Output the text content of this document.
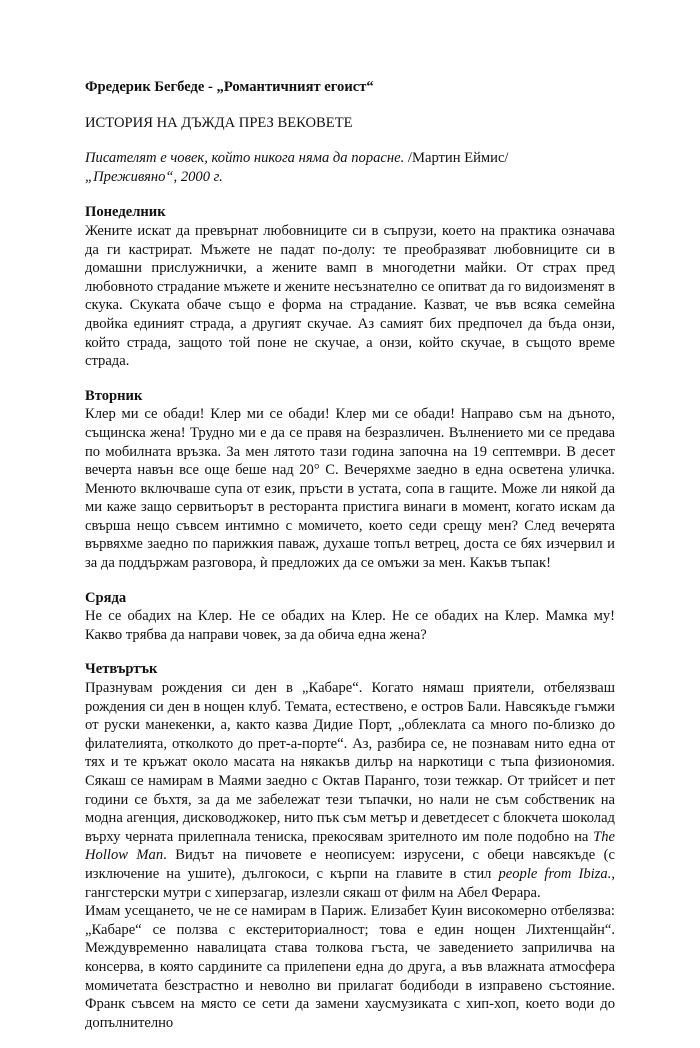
Фредерик Бегбеде - „Романтичният егоист“

ИСТОРИЯ НА ДЪЖДА ПРЕЗ ВЕКОВЕТЕ

Писателят е човек, който никога няма да порасне. /Мартин Еймис/
„Преживяно“, 2000 г.

Понеделник

Жените искат да превърнат любовниците си в съпрузи, което на практика означава да ги кастрират. Мъжете не падат по-долу: те преобразяват любовниците си в домашни прислужнички, а жените вамп в многодетни майки. От страх пред любовното страдание мъжете и жените несъзнателно се опитват да го видоизменят в скука. Скуката обаче също е форма на страдание. Казват, че във всяка семейна двойка единият страда, а другият скучае. Аз самият бих предпочел да бъда онзи, който страда, защото той поне не скучае, а онзи, който скучае, в същото време страда.

Вторник

Клер ми се обади! Клер ми се обади! Клер ми се обади! Направо съм на дъното, същинска жена! Трудно ми е да се правя на безразличен. Вълнението ми се предава по мобилната връзка. За мен лятото тази година започна на 19 септември. В десет вечерта навън все още беше над 20° С. Вечеряхме заедно в една осветена уличка. Менюто включваше супа от език, пръсти в устата, сопа в гащите. Може ли някой да ми каже защо сервитьорът в ресторанта пристига винаги в момент, когато искам да свърша нещо съвсем интимно с момичето, което седи срещу мен? След вечерята вървяхме заедно по парижкия паваж, духаше топъл ветрец, доста се бях изчервил и за да поддържам разговора, ѝ предложих да се омъжи за мен. Какъв тъпак!

Сряда

Не се обадих на Клер. Не се обадих на Клер. Не се обадих на Клер. Мамка му! Какво трябва да направи човек, за да обича една жена?

Четвъртък

Празнувам рождения си ден в „Кабаре“. Когато нямаш приятели, отбелязваш рождения си ден в нощен клуб. Темата, естествено, е остров Бали. Навсякъде гъмжи от руски манекенки, а, както казва Дидие Порт, „облеклата са много по-близко до филателията, отколкото до прет-а-порте“. Аз, разбира се, не познавам нито една от тях и те кръжат около масата на някакъв дилър на наркотици с тъпа физиономия. Сякаш се намирам в Маями заедно с Октав Паранго, този тежкар. От трийсет и пет години се бъхтя, за да ме забележат тези тъпачки, но нали не съм собственик на модна агенция, дисководжокер, нито пък съм метър и деветдесет с блокчета шоколад върху черната прилепнала тениска, прекосявам зрителното им поле подобно на The Hollow Man. Видът на пичовете е неописуем: изрусени, с обеци навсякъде (с изключение на ушите), дългокоси, с кърпи на главите в стил people from Ibiza., гангстерски мутри с хиперзагар, излезли сякаш от филм на Абел Ферара.

Имам усещането, че не се намирам в Париж. Елизабет Куин високомерно отбелязва: „Кабаре“ се ползва с екстериториалност; това е един нощен Лихтенщайн“. Междувременно навалицата става толкова гъста, че заведението заприличва на консерва, в която сардините са прилепени една до друга, а във влажната атмосфера момичетата безстрастно и неволно ви прилагат бодибоди в изправено състояние. Франк съвсем на място се сети да замени хаусмузиката с хип-хоп, което води до допълнително
